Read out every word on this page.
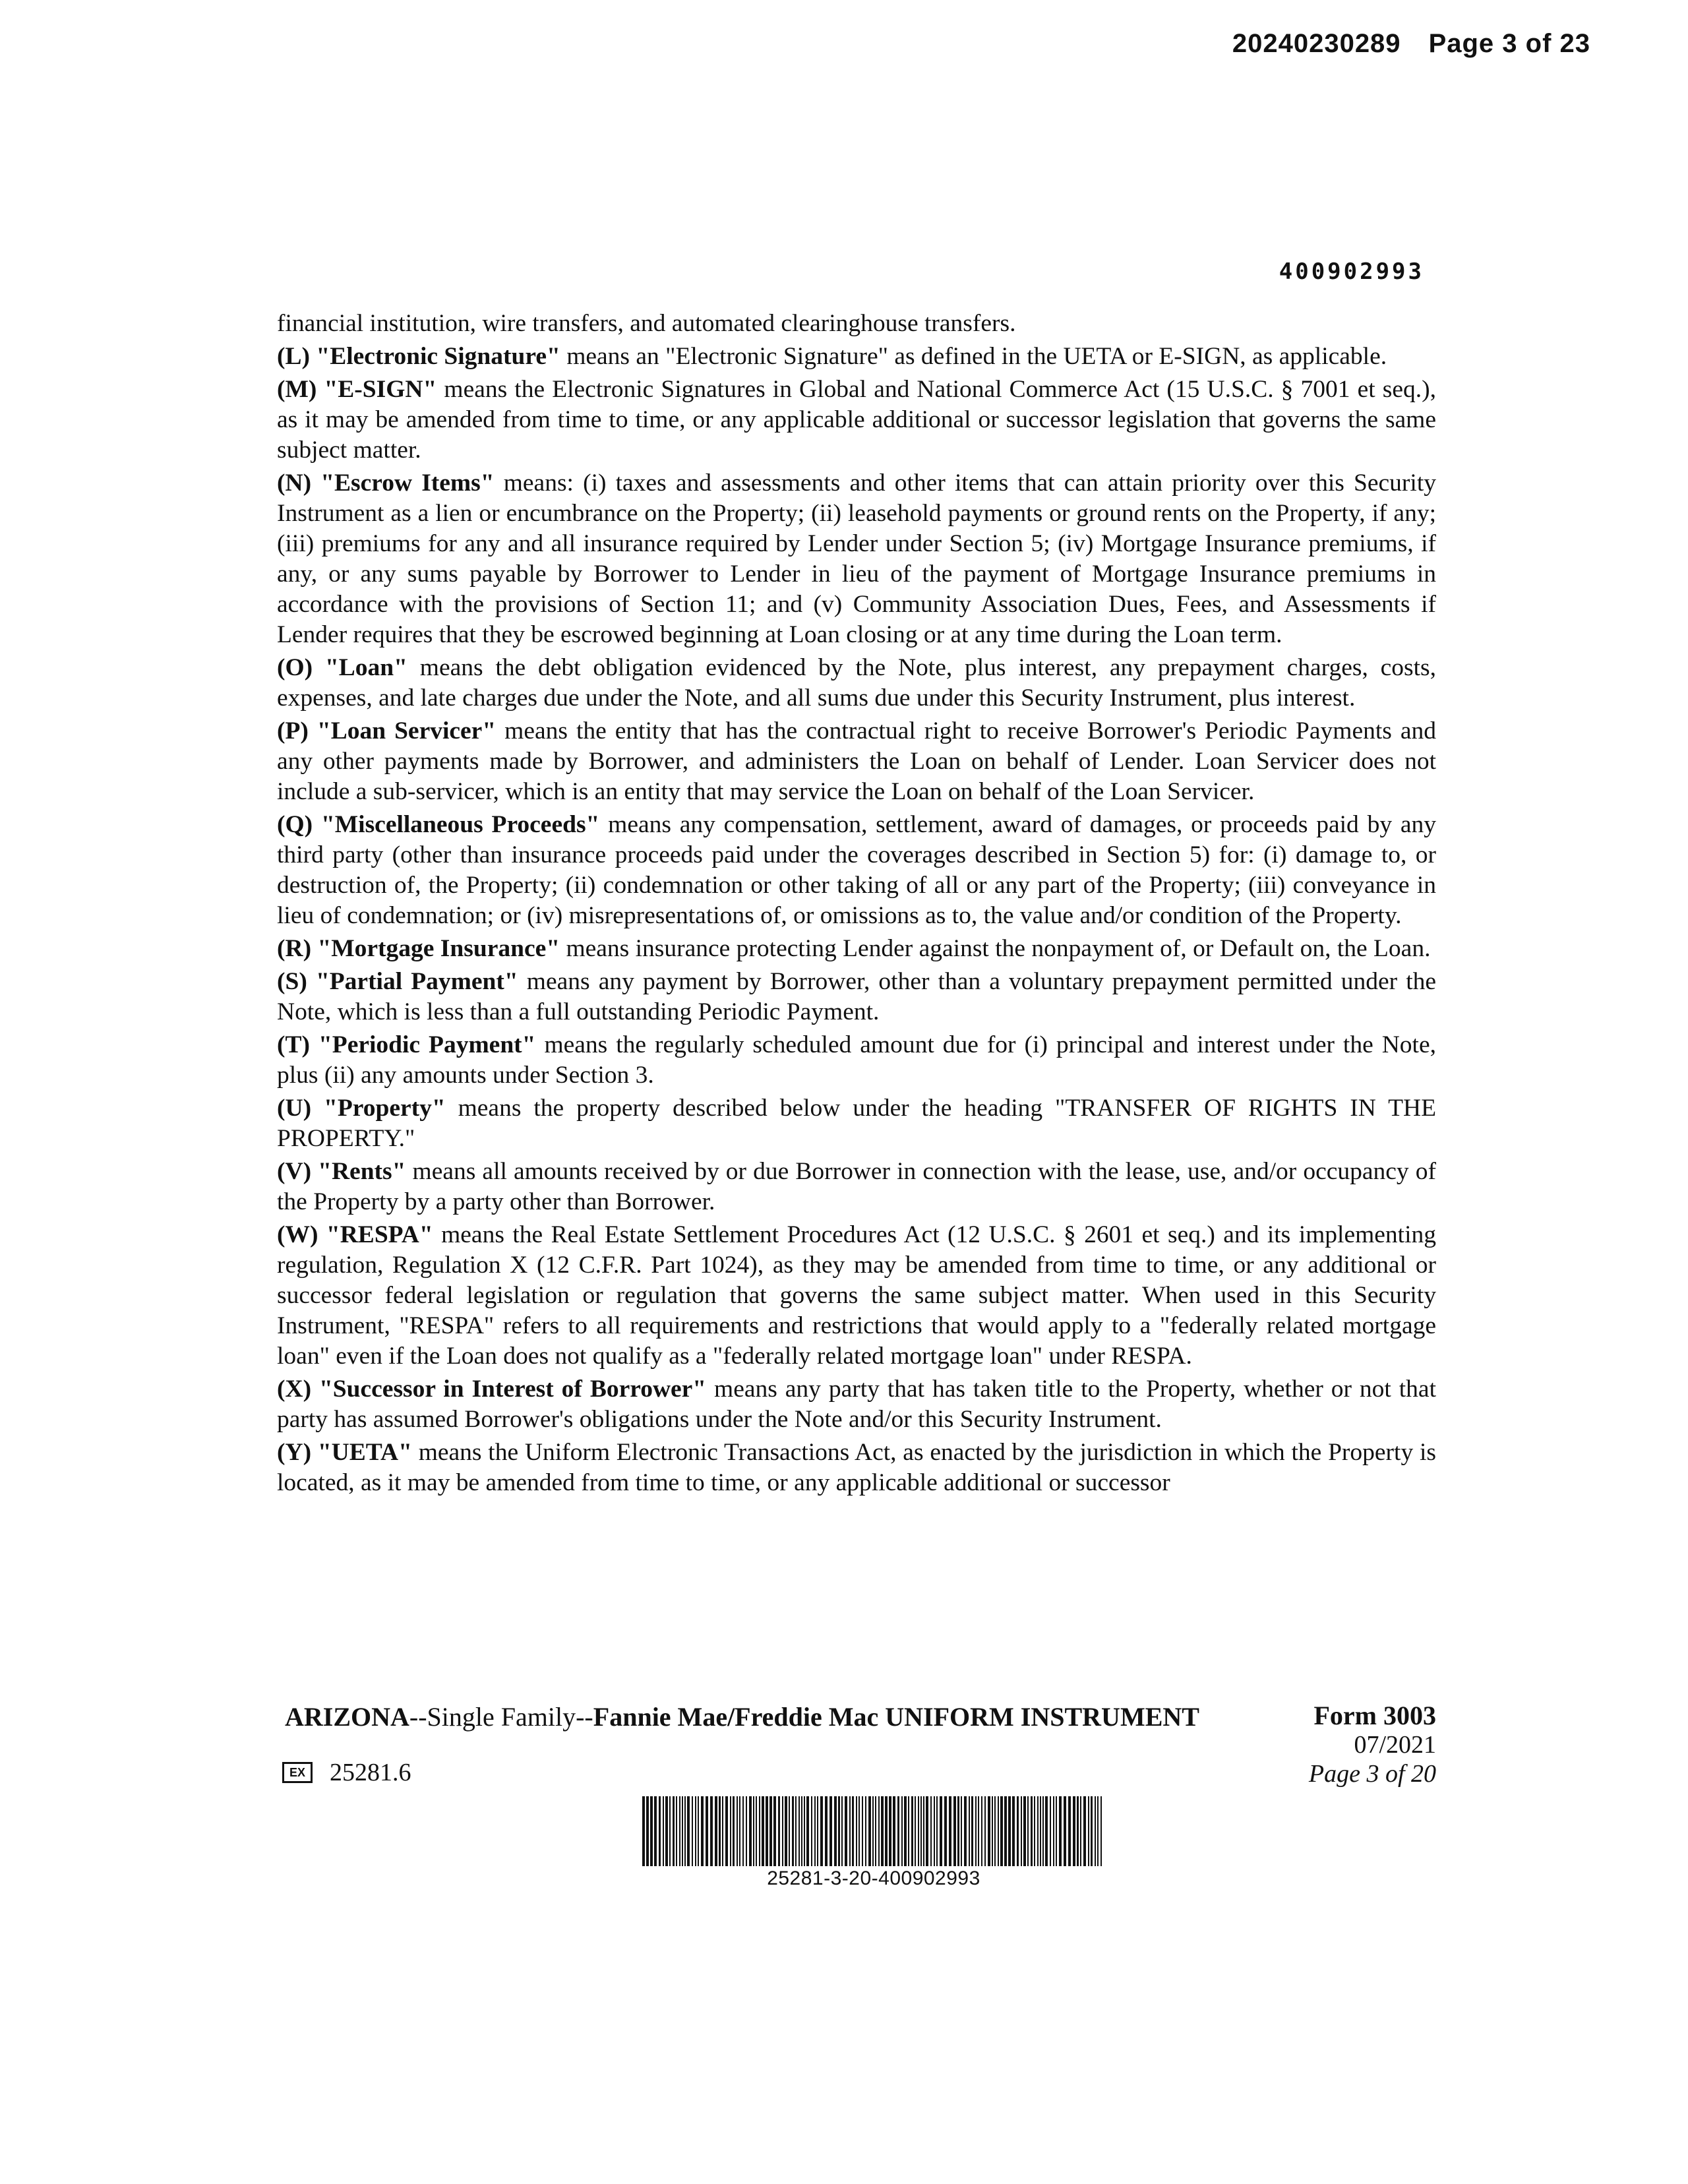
20240230289 Page 3 of 23
400902993

financial institution, wire transfers, and automated clearinghouse transfers.

(L) "Electronic Signature" means an "Electronic Signature" as defined in the UETA or E-SIGN, as applicable.

(M) "E-SIGN" means the Electronic Signatures in Global and National Commerce Act (15 U.S.C. § 7001 et seq.), as it may be amended from time to time, or any applicable additional or successor legislation that governs the same subject matter.

(N) "Escrow Items" means: (i) taxes and assessments and other items that can attain priority over this Security Instrument as a lien or encumbrance on the Property; (ii) leasehold payments or ground rents on the Property, if any; (iii) premiums for any and all insurance required by Lender under Section 5; (iv) Mortgage Insurance premiums, if any, or any sums payable by Borrower to Lender in lieu of the payment of Mortgage Insurance premiums in accordance with the provisions of Section 11; and (v) Community Association Dues, Fees, and Assessments if Lender requires that they be escrowed beginning at Loan closing or at any time during the Loan term.

(O) "Loan" means the debt obligation evidenced by the Note, plus interest, any prepayment charges, costs, expenses, and late charges due under the Note, and all sums due under this Security Instrument, plus interest.

(P) "Loan Servicer" means the entity that has the contractual right to receive Borrower's Periodic Payments and any other payments made by Borrower, and administers the Loan on behalf of Lender. Loan Servicer does not include a sub-servicer, which is an entity that may service the Loan on behalf of the Loan Servicer.

(Q) "Miscellaneous Proceeds" means any compensation, settlement, award of damages, or proceeds paid by any third party (other than insurance proceeds paid under the coverages described in Section 5) for: (i) damage to, or destruction of, the Property; (ii) condemnation or other taking of all or any part of the Property; (iii) conveyance in lieu of condemnation; or (iv) misrepresentations of, or omissions as to, the value and/or condition of the Property.

(R) "Mortgage Insurance" means insurance protecting Lender against the nonpayment of, or Default on, the Loan.

(S) "Partial Payment" means any payment by Borrower, other than a voluntary prepayment permitted under the Note, which is less than a full outstanding Periodic Payment.

(T) "Periodic Payment" means the regularly scheduled amount due for (i) principal and interest under the Note, plus (ii) any amounts under Section 3.

(U) "Property" means the property described below under the heading "TRANSFER OF RIGHTS IN THE PROPERTY."

(V) "Rents" means all amounts received by or due Borrower in connection with the lease, use, and/or occupancy of the Property by a party other than Borrower.

(W) "RESPA" means the Real Estate Settlement Procedures Act (12 U.S.C. § 2601 et seq.) and its implementing regulation, Regulation X (12 C.F.R. Part 1024), as they may be amended from time to time, or any additional or successor federal legislation or regulation that governs the same subject matter. When used in this Security Instrument, "RESPA" refers to all requirements and restrictions that would apply to a "federally related mortgage loan" even if the Loan does not qualify as a "federally related mortgage loan" under RESPA.

(X) "Successor in Interest of Borrower" means any party that has taken title to the Property, whether or not that party has assumed Borrower's obligations under the Note and/or this Security Instrument.

(Y) "UETA" means the Uniform Electronic Transactions Act, as enacted by the jurisdiction in which the Property is located, as it may be amended from time to time, or any applicable additional or successor

ARIZONA--Single Family--Fannie Mae/Freddie Mac UNIFORM INSTRUMENT	Form 3003
07/2021
Page 3 of 20
EX 25281.6
25281-3-20-400902993
